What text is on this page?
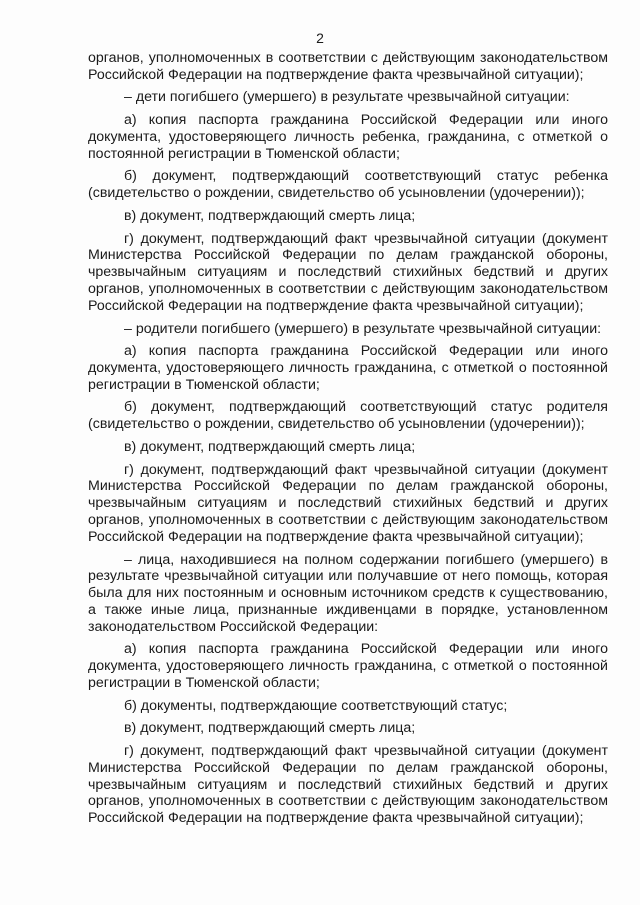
2

органов, уполномоченных в соответствии с действующим законодательством Российской Федерации на подтверждение факта чрезвычайной ситуации);

– дети погибшего (умершего) в результате чрезвычайной ситуации:

а) копия паспорта гражданина Российской Федерации или иного документа, удостоверяющего личность ребенка, гражданина, с отметкой о постоянной регистрации в Тюменской области;

б) документ, подтверждающий соответствующий статус ребенка (свидетельство о рождении, свидетельство об усыновлении (удочерении));

в) документ, подтверждающий смерть лица;

г) документ, подтверждающий факт чрезвычайной ситуации (документ Министерства Российской Федерации по делам гражданской обороны, чрезвычайным ситуациям и последствий стихийных бедствий и других органов, уполномоченных в соответствии с действующим законодательством Российской Федерации на подтверждение факта чрезвычайной ситуации);

– родители погибшего (умершего) в результате чрезвычайной ситуации:

а) копия паспорта гражданина Российской Федерации или иного документа, удостоверяющего личность гражданина, с отметкой о постоянной регистрации в Тюменской области;

б) документ, подтверждающий соответствующий статус родителя (свидетельство о рождении, свидетельство об усыновлении (удочерении));

в) документ, подтверждающий смерть лица;

г) документ, подтверждающий факт чрезвычайной ситуации (документ Министерства Российской Федерации по делам гражданской обороны, чрезвычайным ситуациям и последствий стихийных бедствий и других органов, уполномоченных в соответствии с действующим законодательством Российской Федерации на подтверждение факта чрезвычайной ситуации);

– лица, находившиеся на полном содержании погибшего (умершего) в результате чрезвычайной ситуации или получавшие от него помощь, которая была для них постоянным и основным источником средств к существованию, а также иные лица, признанные иждивенцами в порядке, установленном законодательством Российской Федерации:

а) копия паспорта гражданина Российской Федерации или иного документа, удостоверяющего личность гражданина, с отметкой о постоянной регистрации в Тюменской области;

б) документы, подтверждающие соответствующий статус;

в) документ, подтверждающий смерть лица;

г) документ, подтверждающий факт чрезвычайной ситуации (документ Министерства Российской Федерации по делам гражданской обороны, чрезвычайным ситуациям и последствий стихийных бедствий и других органов, уполномоченных в соответствии с действующим законодательством Российской Федерации на подтверждение факта чрезвычайной ситуации);
